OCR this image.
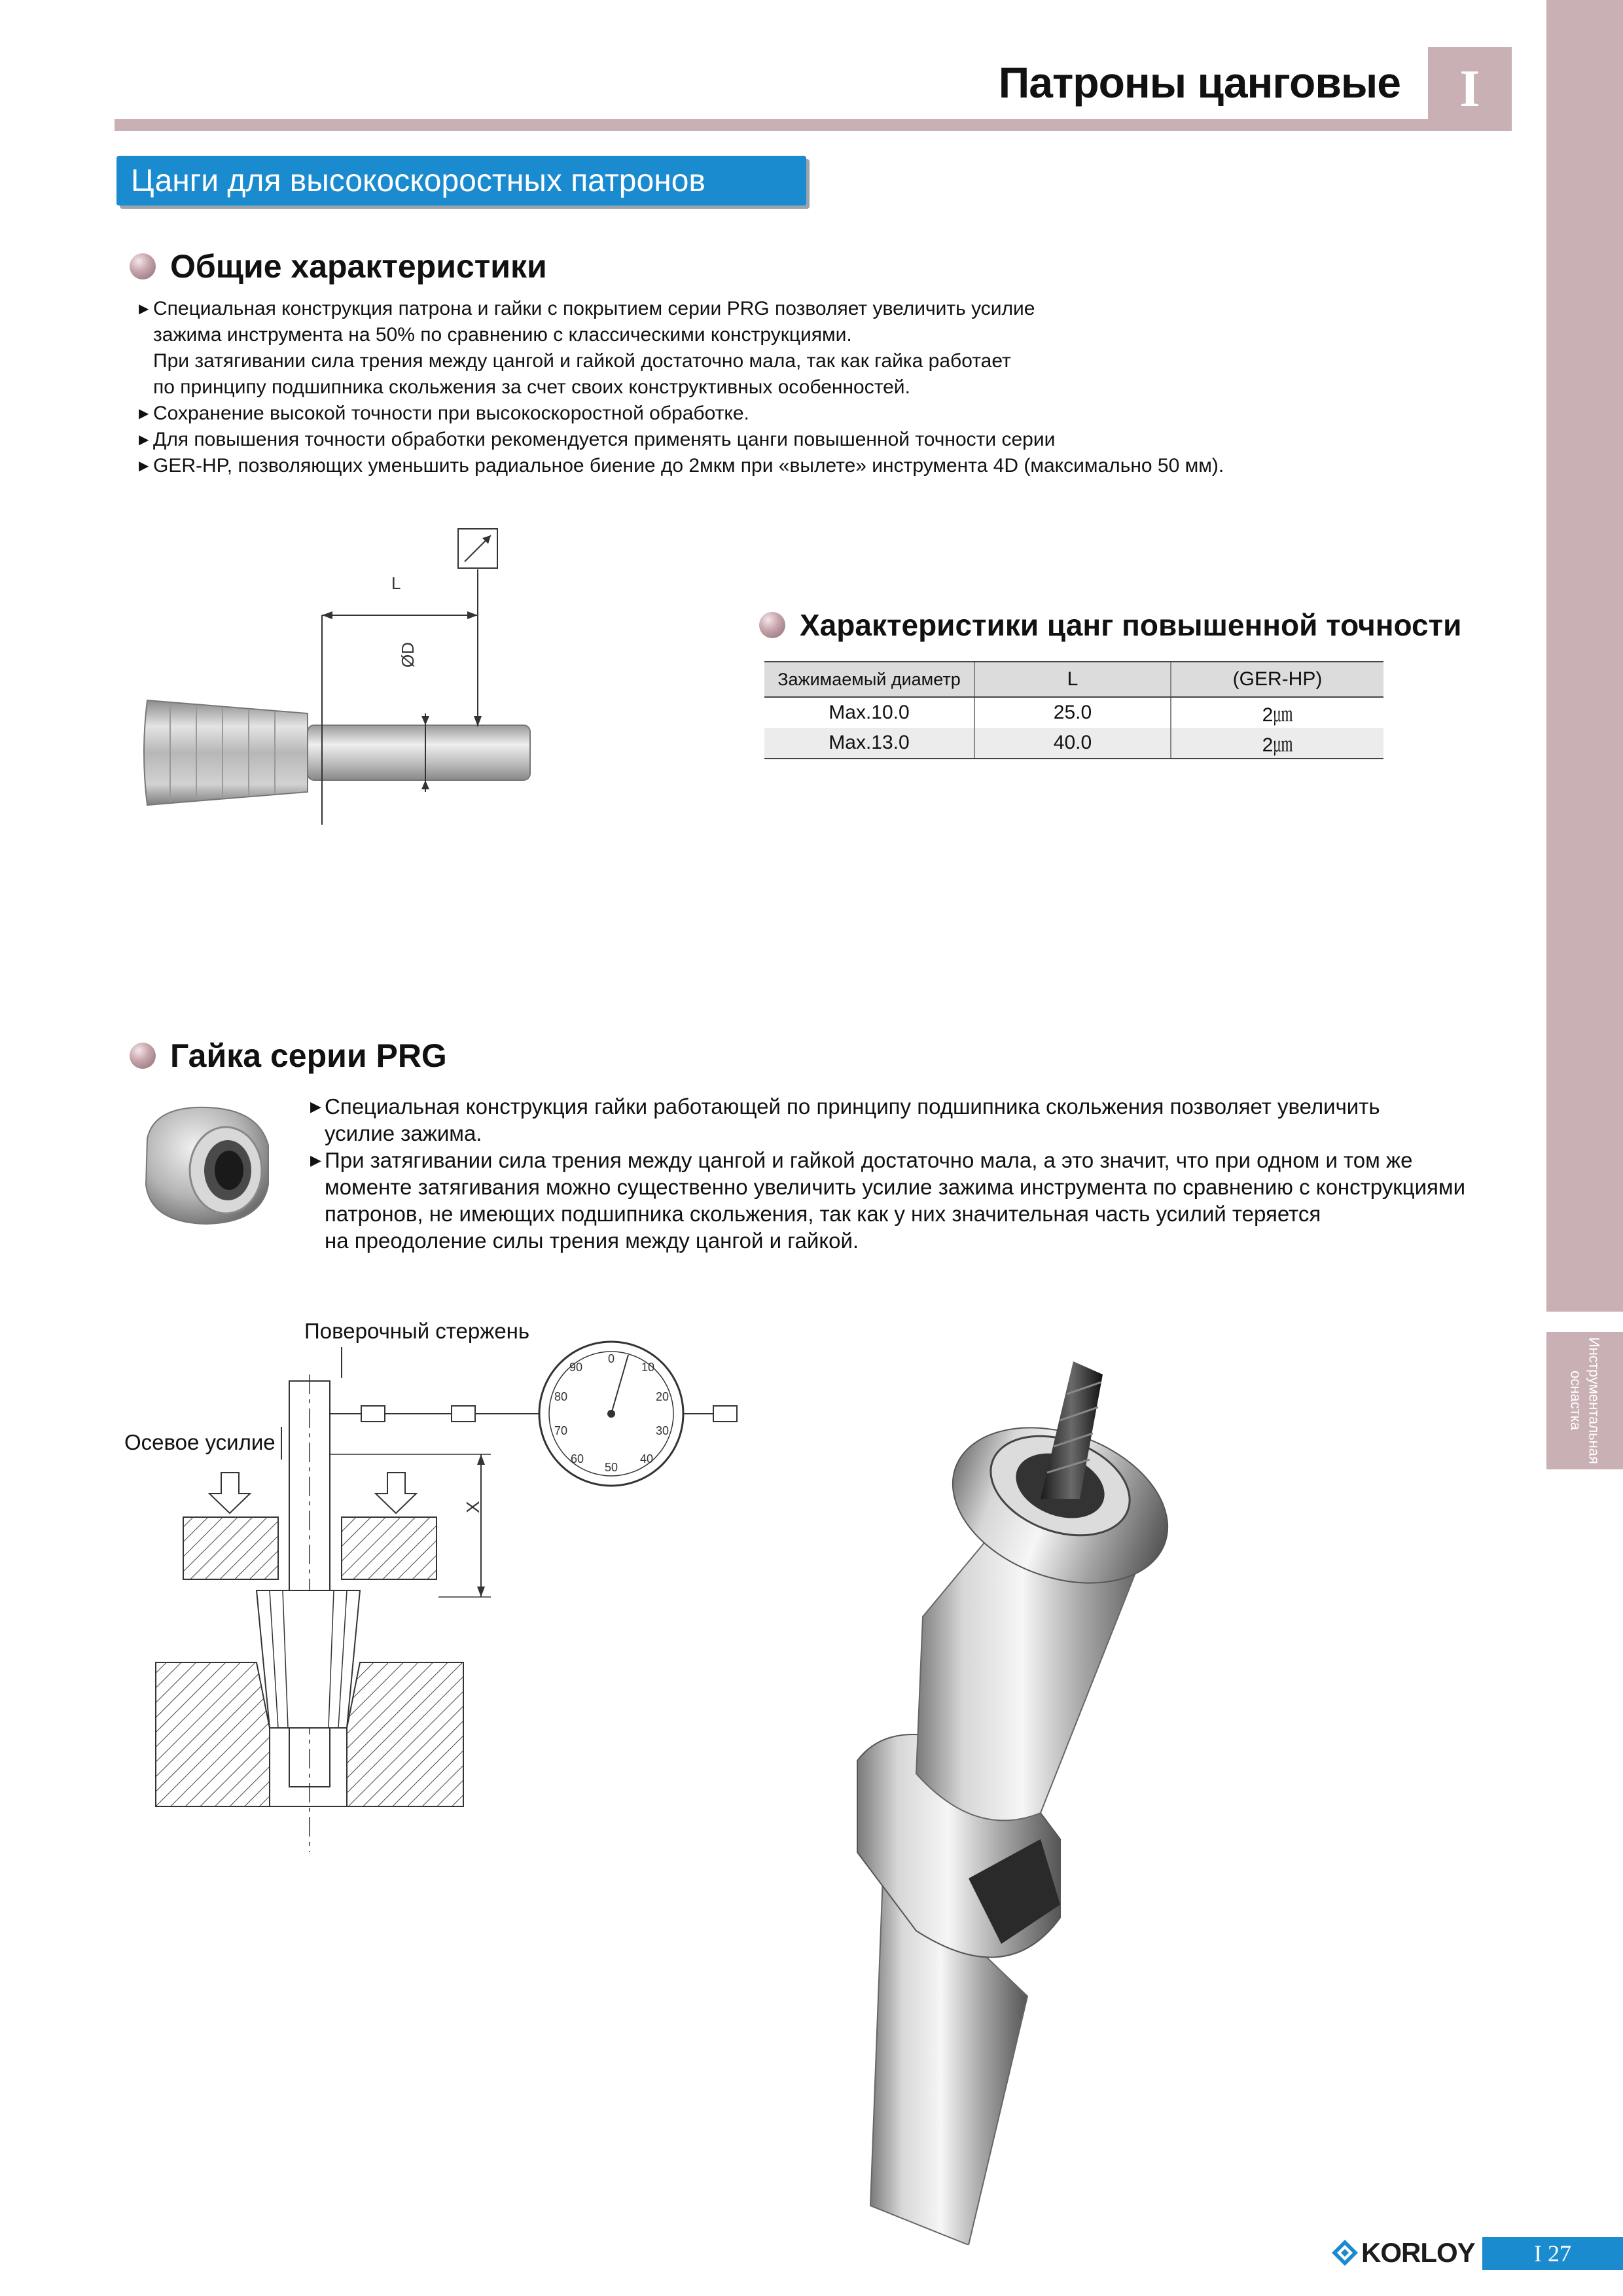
Инструментальная
оснастка
Патроны цанговые I
Цанги для высокоскоростных патронов
Общие характеристики
▶ Специальная конструкция патрона и гайки с покрытием серии PRG позволяет увеличить усилие
зажима инструмента на 50% по сравнению с классическими конструкциями.
При затягивании сила трения между цангой и гайкой достаточно мала, так как гайка работает
по принципу подшипника скольжения за счет своих конструктивных особенностей.
▶ Сохранение высокой точности при высокоскоростной обработке.
▶ Для повышения точности обработки рекомендуется применять цанги повышенной точности серии
▶ GER-HP, позволяющих уменьшить радиальное биение до 2мкм при «вылете» инструмента 4D (максимально 50 мм).
L
ØD
Характеристики цанг повышенной точности
Зажимаемый диаметр	L	(GER-HP)
Max.10.0	25.0	2㎛
Max.13.0	40.0	2㎛
Гайка серии PRG
▶ Специальная конструкция гайки работающей по принципу подшипника скольжения позволяет увеличить
усилие зажима.
▶ При затягивании сила трения между цангой и гайкой достаточно мала, а это значит, что при одном и том же
моменте затягивания можно существенно увеличить усилие зажима инструмента по сравнению с конструкциями
патронов, не имеющих подшипника скольжения, так как у них значительная часть усилий теряется
на преодоление силы трения между цангой и гайкой.
Поверочный стержень
Осевое усилие
X
90
0
10
80	20
70	30
60
50
40
KORLOY	I 27
